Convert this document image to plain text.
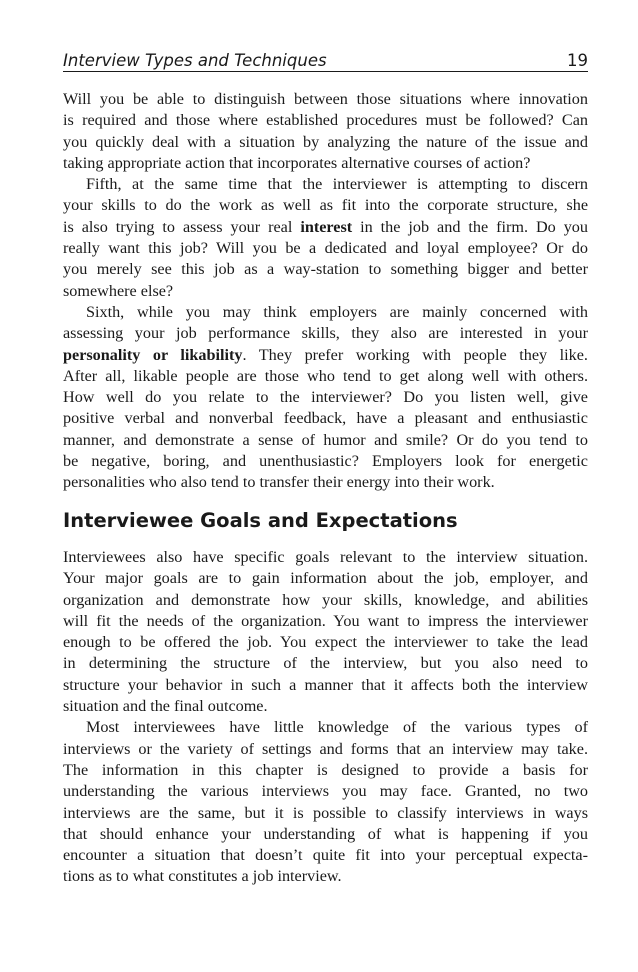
Interview Types and Techniques	19
Will you be able to distinguish between those situations where innovation
is required and those where established procedures must be followed? Can
you quickly deal with a situation by analyzing the nature of the issue and
taking appropriate action that incorporates alternative courses of action?
Fifth, at the same time that the interviewer is attempting to discern
your skills to do the work as well as fit into the corporate structure, she
is also trying to assess your real interest in the job and the firm. Do you
really want this job? Will you be a dedicated and loyal employee? Or do
you merely see this job as a way-station to something bigger and better
somewhere else?
Sixth, while you may think employers are mainly concerned with
assessing your job performance skills, they also are interested in your
personality or likability. They prefer working with people they like.
After all, likable people are those who tend to get along well with others.
How well do you relate to the interviewer? Do you listen well, give
positive verbal and nonverbal feedback, have a pleasant and enthusiastic
manner, and demonstrate a sense of humor and smile? Or do you tend to
be negative, boring, and unenthusiastic? Employers look for energetic
personalities who also tend to transfer their energy into their work.
Interviewee Goals and Expectations
Interviewees also have specific goals relevant to the interview situation.
Your major goals are to gain information about the job, employer, and
organization and demonstrate how your skills, knowledge, and abilities
will fit the needs of the organization. You want to impress the interviewer
enough to be offered the job. You expect the interviewer to take the lead
in determining the structure of the interview, but you also need to
structure your behavior in such a manner that it affects both the interview
situation and the final outcome.
Most interviewees have little knowledge of the various types of
interviews or the variety of settings and forms that an interview may take.
The information in this chapter is designed to provide a basis for
understanding the various interviews you may face. Granted, no two
interviews are the same, but it is possible to classify interviews in ways
that should enhance your understanding of what is happening if you
encounter a situation that doesn’t quite fit into your perceptual expecta-
tions as to what constitutes a job interview.
